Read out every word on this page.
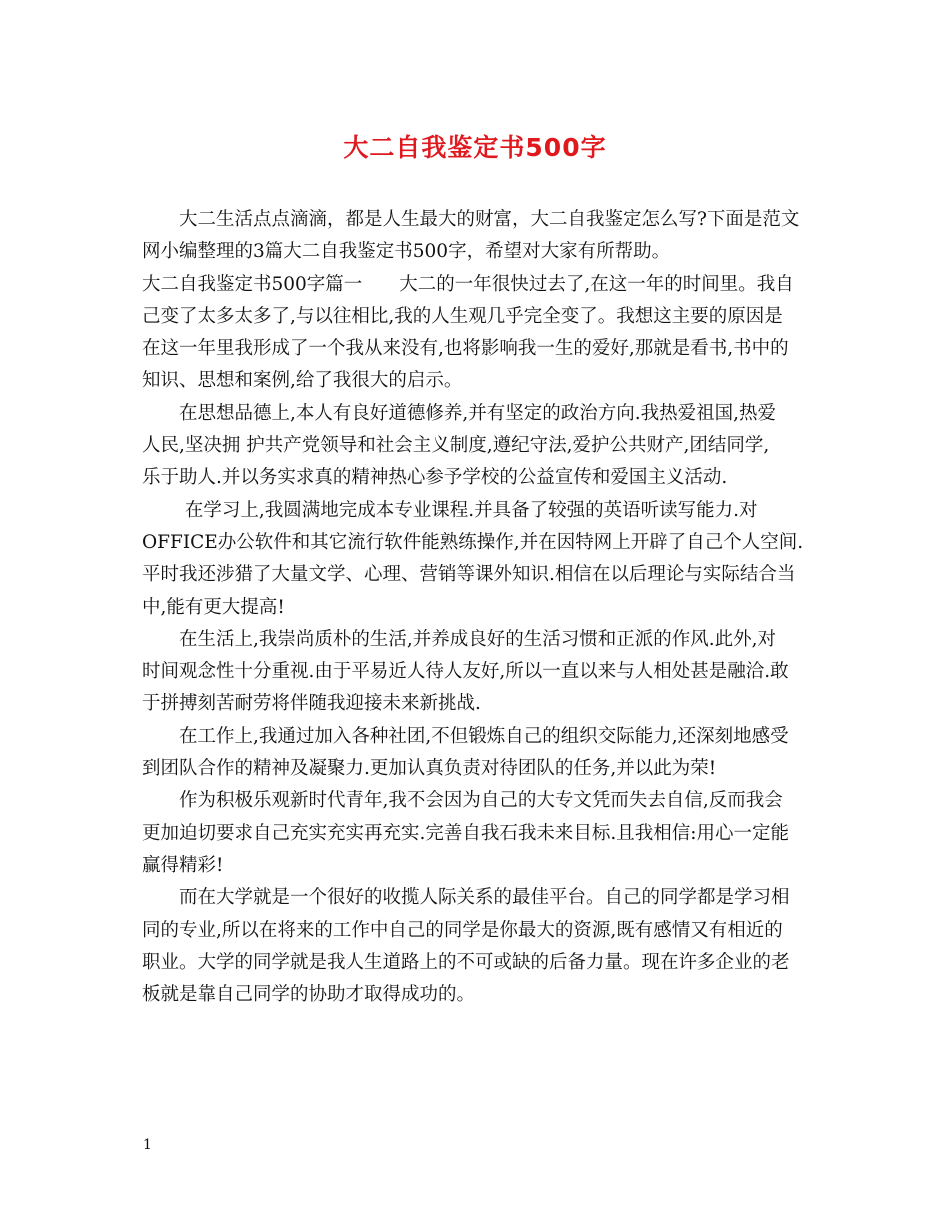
大二自我鉴定书500字

大二生活点点滴滴，都是人生最大的财富，大二自我鉴定怎么写?下面是范文

网小编整理的3篇大二自我鉴定书500字，希望对大家有所帮助。

大二自我鉴定书500字篇一　　大二的一年很快过去了,在这一年的时间里。我自

己变了太多太多了,与以往相比,我的人生观几乎完全变了。我想这主要的原因是

在这一年里我形成了一个我从来没有,也将影响我一生的爱好,那就是看书,书中的

知识、思想和案例,给了我很大的启示。

在思想品德上,本人有良好道德修养,并有坚定的政治方向.我热爱祖国,热爱

人民,坚决拥 护共产党领导和社会主义制度,遵纪守法,爱护公共财产,团结同学,

乐于助人.并以务实求真的精神热心参予学校的公益宣传和爱国主义活动.

在学习上,我圆满地完成本专业课程.并具备了较强的英语听读写能力.对

OFFICE办公软件和其它流行软件能熟练操作,并在因特网上开辟了自己个人空间.

平时我还涉猎了大量文学、心理、营销等课外知识.相信在以后理论与实际结合当

中,能有更大提高!

在生活上,我崇尚质朴的生活,并养成良好的生活习惯和正派的作风.此外,对

时间观念性十分重视.由于平易近人待人友好,所以一直以来与人相处甚是融洽.敢

于拼搏刻苦耐劳将伴随我迎接未来新挑战.

在工作上,我通过加入各种社团,不但锻炼自己的组织交际能力,还深刻地感受

到团队合作的精神及凝聚力.更加认真负责对待团队的任务,并以此为荣!

作为积极乐观新时代青年,我不会因为自己的大专文凭而失去自信,反而我会

更加迫切要求自己充实充实再充实.完善自我石我未来目标.且我相信:用心一定能

赢得精彩!

而在大学就是一个很好的收揽人际关系的最佳平台。自己的同学都是学习相

同的专业,所以在将来的工作中自己的同学是你最大的资源,既有感情又有相近的

职业。大学的同学就是我人生道路上的不可或缺的后备力量。现在许多企业的老

板就是靠自己同学的协助才取得成功的。

1
